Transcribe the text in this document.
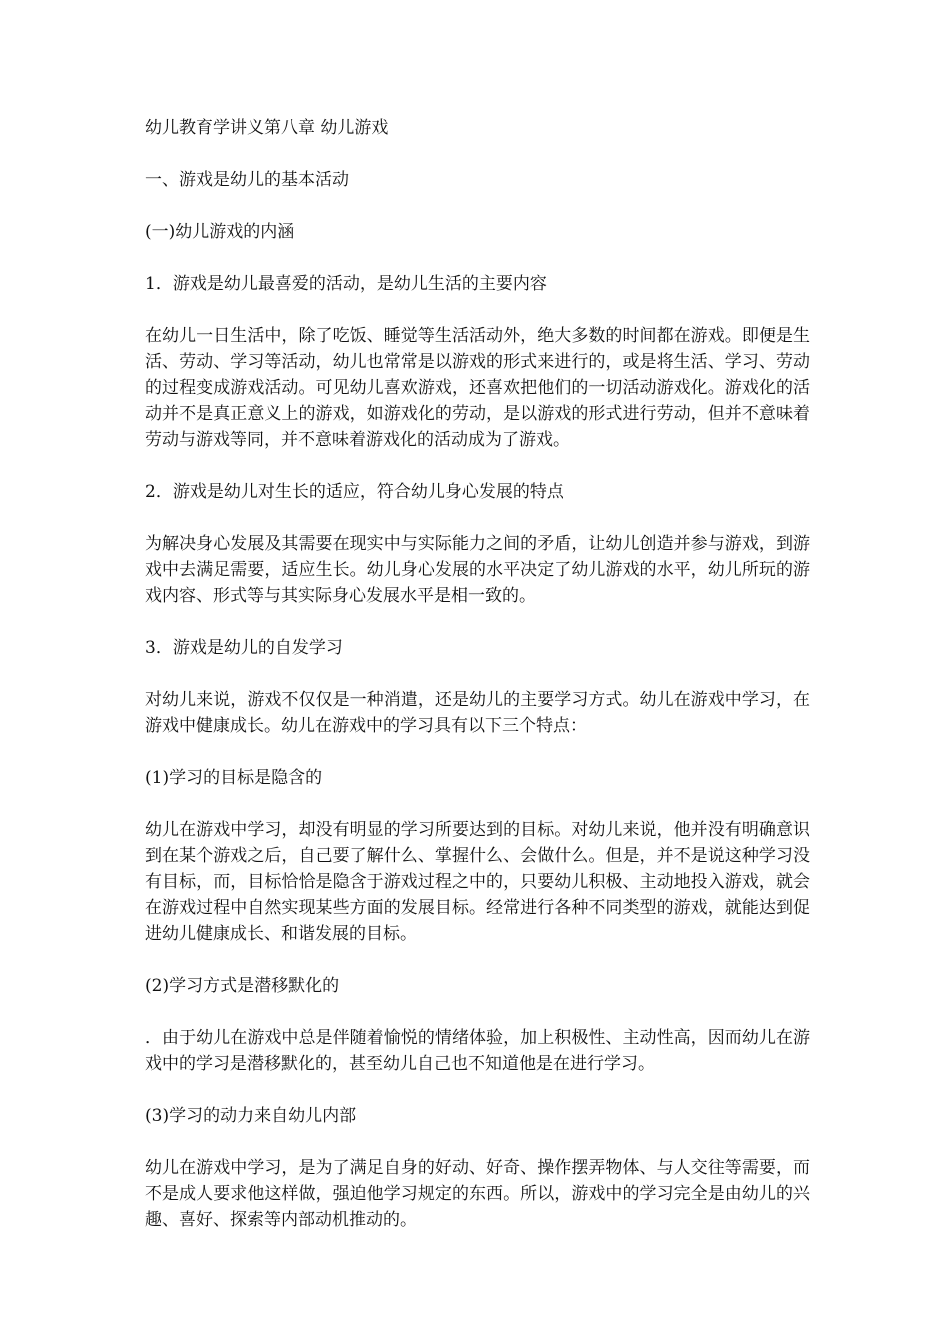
幼儿教育学讲义第八章 幼儿游戏

一、游戏是幼儿的基本活动

(一)幼儿游戏的内涵

1．游戏是幼儿最喜爱的活动，是幼儿生活的主要内容

在幼儿一日生活中，除了吃饭、睡觉等生活活动外，绝大多数的时间都在游戏。即便是生活、劳动、学习等活动，幼儿也常常是以游戏的形式来进行的，或是将生活、学习、劳动的过程变成游戏活动。可见幼儿喜欢游戏，还喜欢把他们的一切活动游戏化。游戏化的活动并不是真正意义上的游戏，如游戏化的劳动，是以游戏的形式进行劳动，但并不意味着劳动与游戏等同，并不意味着游戏化的活动成为了游戏。

2．游戏是幼儿对生长的适应，符合幼儿身心发展的特点

为解决身心发展及其需要在现实中与实际能力之间的矛盾，让幼儿创造并参与游戏，到游戏中去满足需要，适应生长。幼儿身心发展的水平决定了幼儿游戏的水平，幼儿所玩的游戏内容、形式等与其实际身心发展水平是相一致的。

3．游戏是幼儿的自发学习

对幼儿来说，游戏不仅仅是一种消遣，还是幼儿的主要学习方式。幼儿在游戏中学习，在游戏中健康成长。幼儿在游戏中的学习具有以下三个特点：

(1)学习的目标是隐含的

幼儿在游戏中学习，却没有明显的学习所要达到的目标。对幼儿来说，他并没有明确意识到在某个游戏之后，自己要了解什么、掌握什么、会做什么。但是，并不是说这种学习没有目标，而，目标恰恰是隐含于游戏过程之中的，只要幼儿积极、主动地投入游戏，就会在游戏过程中自然实现某些方面的发展目标。经常进行各种不同类型的游戏，就能达到促进幼儿健康成长、和谐发展的目标。

(2)学习方式是潜移默化的

．由于幼儿在游戏中总是伴随着愉悦的情绪体验，加上积极性、主动性高，因而幼儿在游戏中的学习是潜移默化的，甚至幼儿自己也不知道他是在进行学习。

(3)学习的动力来自幼儿内部

幼儿在游戏中学习，是为了满足自身的好动、好奇、操作摆弄物体、与人交往等需要，而不是成人要求他这样做，强迫他学习规定的东西。所以，游戏中的学习完全是由幼儿的兴趣、喜好、探索等内部动机推动的。
